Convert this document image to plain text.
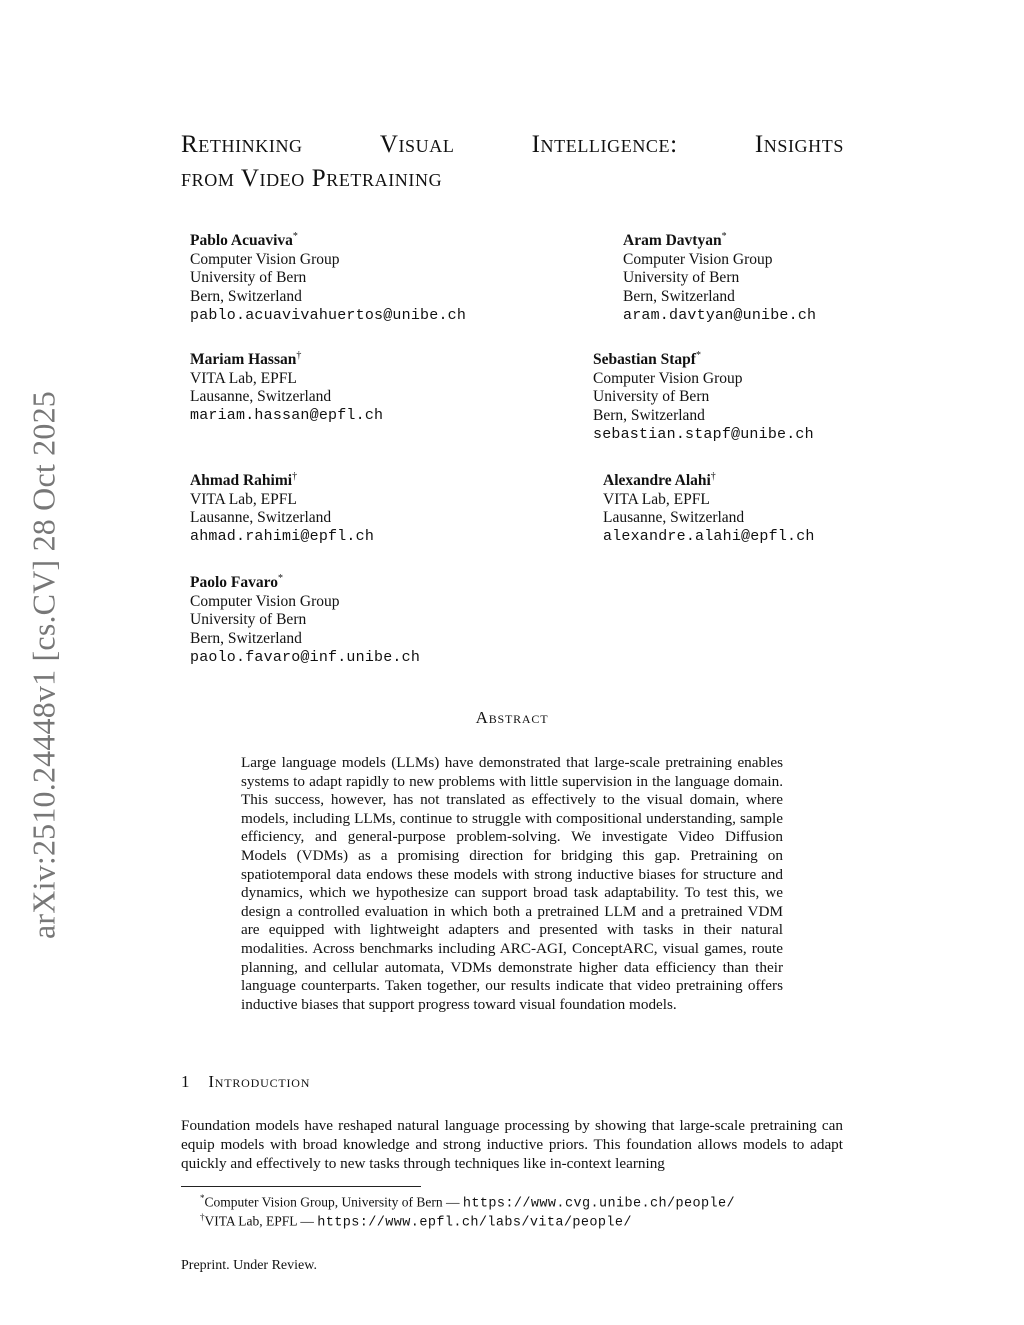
arXiv:2510.24448v1 [cs.CV] 28 Oct 2025
Rethinking	Visual	Intelligence:	Insights
from Video Pretraining
Pablo Acuaviva*
Computer Vision Group
University of Bern
Bern, Switzerland
pablo.acuavivahuertos@unibe.ch
Aram Davtyan*
Computer Vision Group
University of Bern
Bern, Switzerland
aram.davtyan@unibe.ch
Mariam Hassan†
VITA Lab, EPFL
Lausanne, Switzerland
mariam.hassan@epfl.ch
Sebastian Stapf*
Computer Vision Group
University of Bern
Bern, Switzerland
sebastian.stapf@unibe.ch
Ahmad Rahimi†
VITA Lab, EPFL
Lausanne, Switzerland
ahmad.rahimi@epfl.ch
Alexandre Alahi†
VITA Lab, EPFL
Lausanne, Switzerland
alexandre.alahi@epfl.ch
Paolo Favaro*
Computer Vision Group
University of Bern
Bern, Switzerland
paolo.favaro@inf.unibe.ch
Abstract
Large language models (LLMs) have demonstrated that large-scale pretraining enables systems to adapt rapidly to new problems with little supervision in the language domain. This success, however, has not translated as effectively to the visual domain, where models, including LLMs, continue to struggle with compositional understanding, sample efficiency, and general-purpose problem-solving. We investigate Video Diffusion Models (VDMs) as a promising direction for bridging this gap. Pretraining on spatiotemporal data endows these models with strong inductive biases for structure and dynamics, which we hypothesize can support broad task adaptability. To test this, we design a controlled evaluation in which both a pretrained LLM and a pretrained VDM are equipped with lightweight adapters and presented with tasks in their natural modalities. Across benchmarks including ARC-AGI, ConceptARC, visual games, route planning, and cellular automata, VDMs demonstrate higher data efficiency than their language counterparts. Taken together, our results indicate that video pretraining offers inductive biases that support progress toward visual foundation models.
1 Introduction
Foundation models have reshaped natural language processing by showing that large-scale pretraining can equip models with broad knowledge and strong inductive priors. This foundation allows models to adapt quickly and effectively to new tasks through techniques like in-context learning
*Computer Vision Group, University of Bern — https://www.cvg.unibe.ch/people/
†VITA Lab, EPFL — https://www.epfl.ch/labs/vita/people/
Preprint. Under Review.
